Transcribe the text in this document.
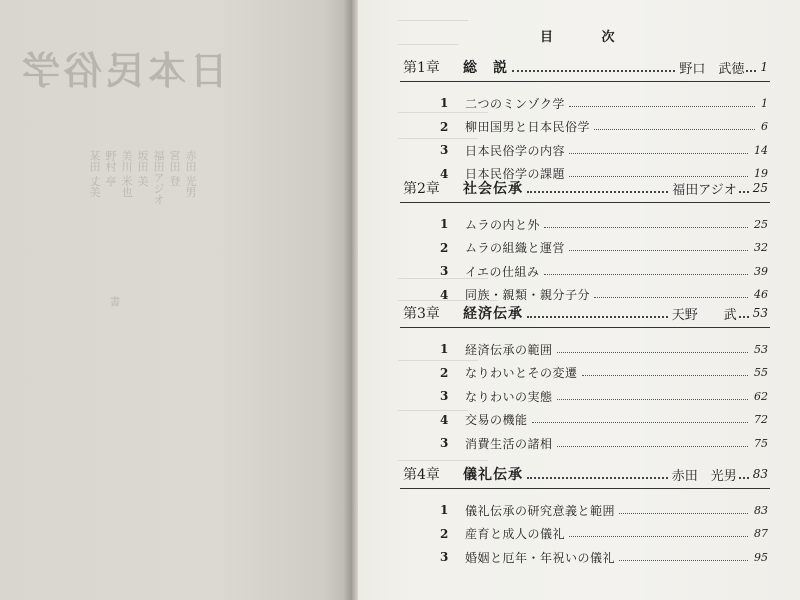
日本民俗学
某田 丈美 野村 亭 美川 米也 坂田 美 福田アジオ 宮田 登 赤田 光男
書
目 次
第1章	総　説	野口　武徳 1
1	二つのミンゾク学	1
2	柳田国男と日本民俗学	6
3	日本民俗学の内容	14
4	日本民俗学の課題	19
第2章	社会伝承	福田アジオ 25
1	ムラの内と外	25
2	ムラの組織と運営	32
3	イエの仕組み	39
4	同族・親類・親分子分	46
第3章	経済伝承	天野　　武 53
1	経済伝承の範囲	53
2	なりわいとその変遷	55
3	なりわいの実態	62
4	交易の機能	72
3	消費生活の諸相	75
第4章	儀礼伝承	赤田　光男 83
1	儀礼伝承の研究意義と範囲	83
2	産育と成人の儀礼	87
3	婚姻と厄年・年祝いの儀礼	95
